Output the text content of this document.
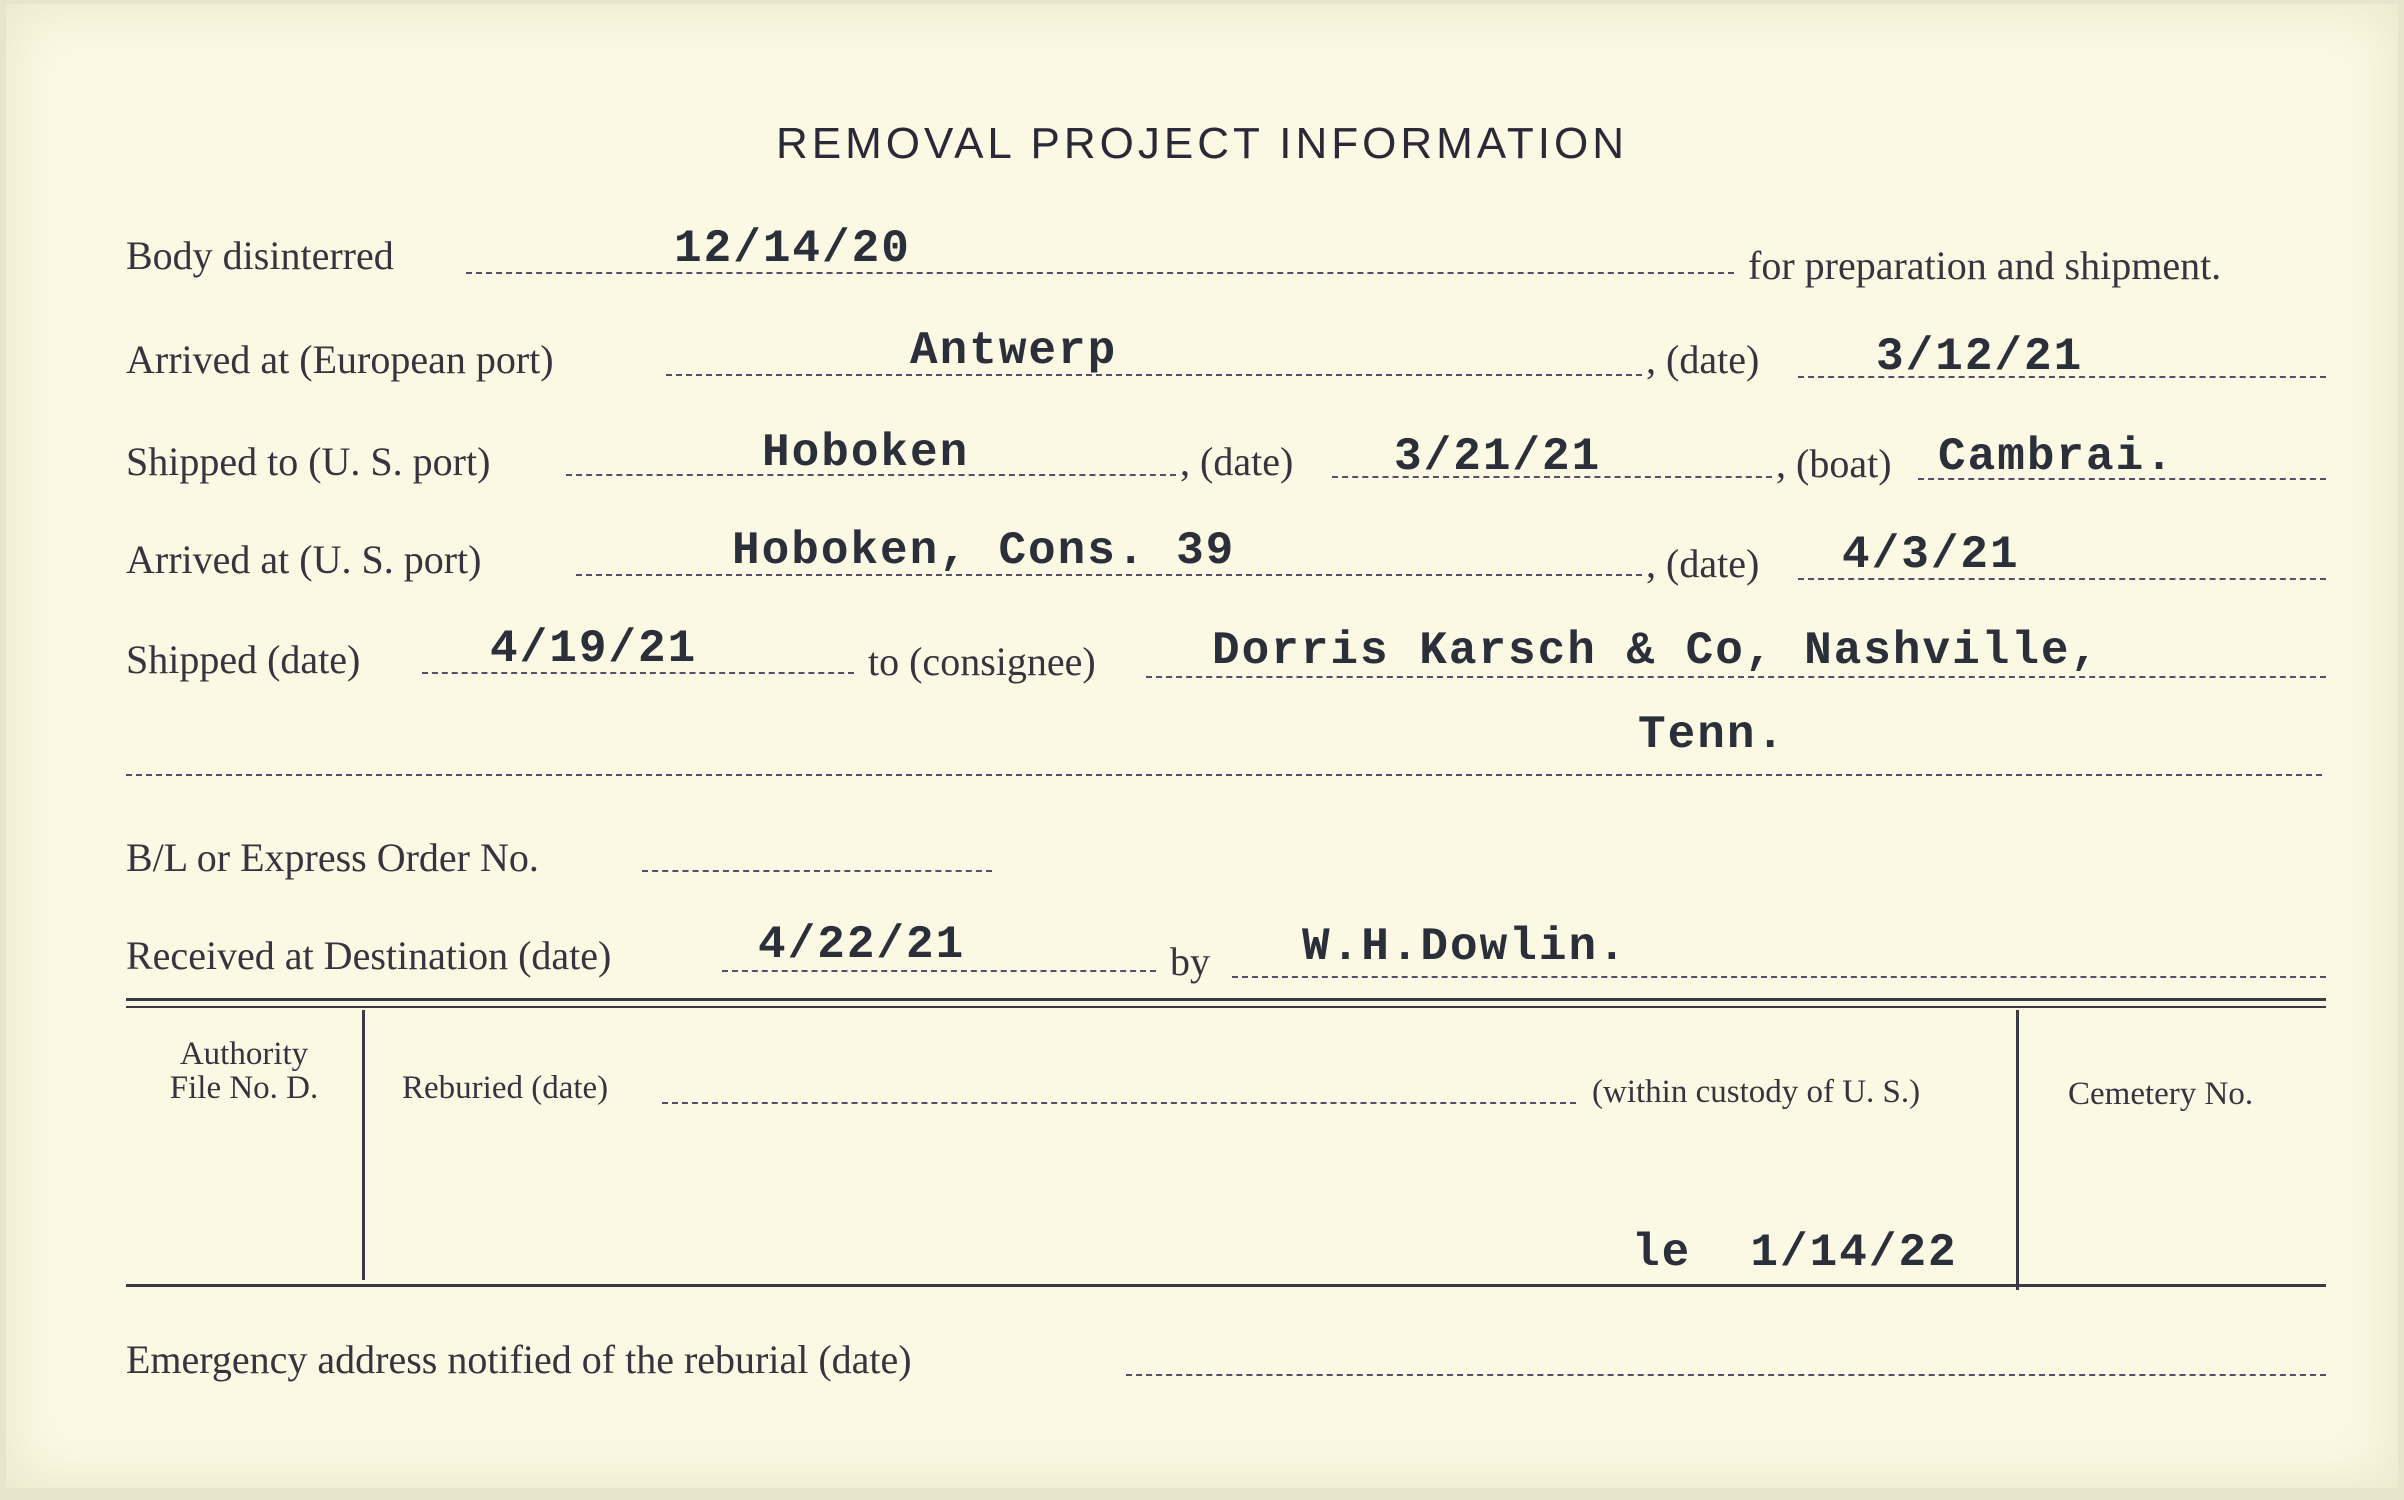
REMOVAL PROJECT INFORMATION
Body disinterred	12/14/20	for preparation and shipment.
Arrived at (European port)	Antwerp	, (date)	3/12/21
Shipped to (U. S. port)	Hoboken	, (date) 3/21/21	, (boat) Cambrai.
Arrived at (U. S. port)	Hoboken, Cons. 39	, (date) 4/3/21
Shipped (date)	4/19/21	to (consignee)	Dorris Karsch & Co, Nashville,
Tenn.
B/L or Express Order No.
Received at Destination (date)	4/22/21	by W.H.Dowlin.
Authority
File No. D.	Reburied (date)	(within custody of U. S.)
le  1/14/22
Cemetery No.
Emergency address notified of the reburial (date)
